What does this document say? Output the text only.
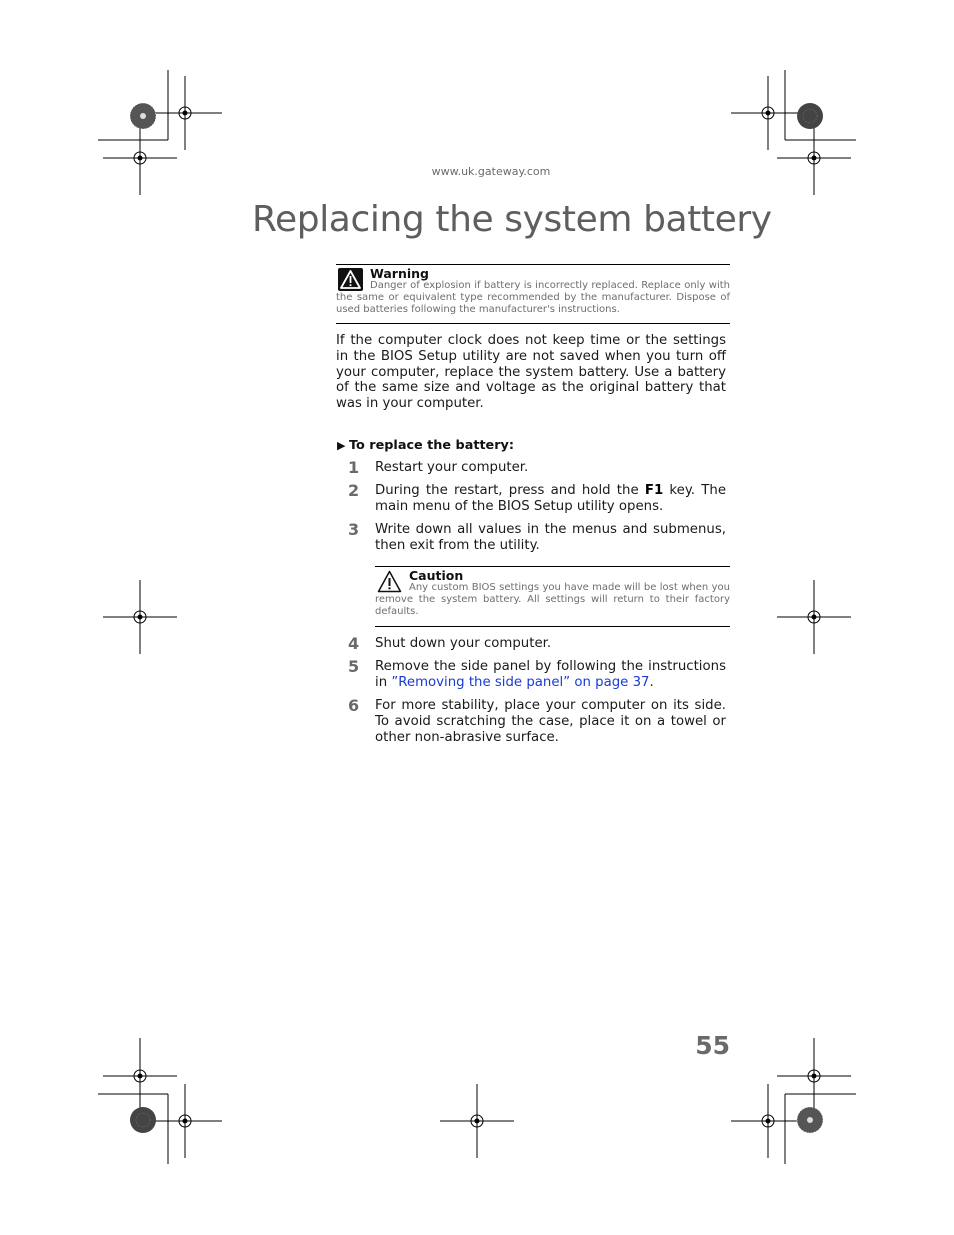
www.uk.gateway.com
Replacing the system battery
Warning

Danger of explosion if battery is incorrectly replaced. Replace only with the same or equivalent type recommended by the manufacturer. Dispose of used batteries following the manufacturer's instructions.

If the computer clock does not keep time or the settings in the BIOS Setup utility are not saved when you turn off your computer, replace the system battery. Use a battery of the same size and voltage as the original battery that was in your computer.

▶ To replace the battery:

1 Restart your computer.

2 During the restart, press and hold the F1 key. The main menu of the BIOS Setup utility opens.

3 Write down all values in the menus and submenus, then exit from the utility.

Caution

Any custom BIOS settings you have made will be lost when you remove the system battery. All settings will return to their factory defaults.

4 Shut down your computer.

5 Remove the side panel by following the instructions in ”Removing the side panel” on page 37.

6 For more stability, place your computer on its side. To avoid scratching the case, place it on a towel or other non-abrasive surface.

55
